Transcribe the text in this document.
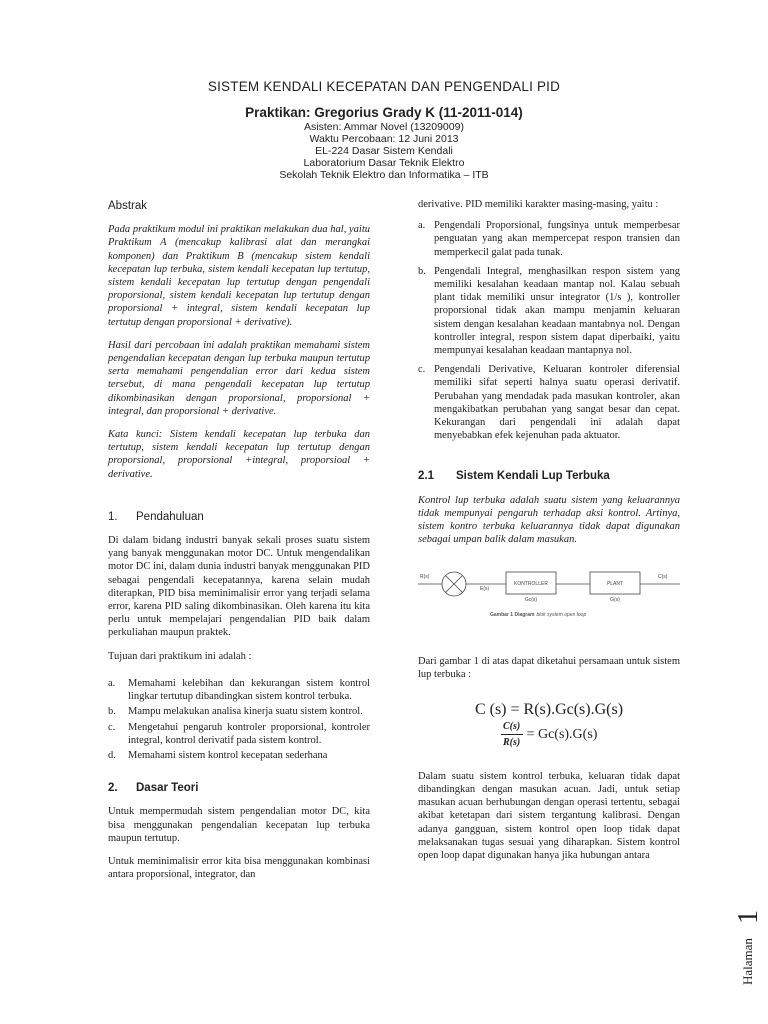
SISTEM KENDALI KECEPATAN DAN PENGENDALI PID
Praktikan: Gregorius Grady K (11-2011-014)
Asisten: Ammar Novel (13209009)
Waktu Percobaan: 12 Juni 2013
EL-224 Dasar Sistem Kendali
Laboratorium Dasar Teknik Elektro
Sekolah Teknik Elektro dan Informatika – ITB
Abstrak

Pada praktikum modul ini praktikan melakukan dua hal, yaitu Praktikum A (mencakup kalibrasi alat dan merangkai komponen) dan Praktikum B (mencakup sistem kendali kecepatan lup terbuka, sistem kendali kecepatan lup tertutup, sistem kendali kecepatan lup tertutup dengan pengendali proporsional, sistem kendali kecepatan lup tertutup dengan proporsional + integral, sistem kendali kecepatan lup tertutup dengan proporsional + derivative).

Hasil dari percobaan ini adalah praktikan memahami sistem pengendalian kecepatan dengan lup terbuka maupun tertutup serta memahami pengendalian error dari kedua sistem tersebut, di mana pengendali kecepatan lup tertutup dikombinasikan dengan proporsional, proporsional + integral, dan proporsional + derivative.

Kata kunci: Sistem kendali kecepatan lup terbuka dan tertutup, sistem kendali kecepatan lup tertutup dengan proporsional, proporsional +integral, proporsioal + derivative.

1. Pendahuluan

Di dalam bidang industri banyak sekali proses suatu sistem yang banyak menggunakan motor DC. Untuk mengendalikan motor DC ini, dalam dunia industri banyak menggunakan PID sebagai pengendali kecepatannya, karena selain mudah diterapkan, PID bisa meminimalisir error yang terjadi selama error, karena PID saling dikombinasikan. Oleh karena itu kita perlu untuk mempelajari pengendalian PID baik dalam perkuliahan maupun praktek.

Tujuan dari praktikum ini adalah :

a. Memahami kelebihan dan kekurangan sistem kontrol lingkar tertutup dibandingkan sistem kontrol terbuka.
b. Mampu melakukan analisa kinerja suatu sistem kontrol.
c. Mengetahui pengaruh kontroler proporsional, kontroler integral, kontrol derivatif pada sistem kontrol.
d. Memahami sistem kontrol kecepatan sederhana
2. Dasar Teori

Untuk mempermudah sistem pengendalian motor DC, kita bisa menggunakan pengendalian kecepatan lup terbuka maupun tertutup.

Untuk meminimalisir error kita bisa menggunakan kombinasi antara proporsional, integrator, dan

derivative. PID memiliki karakter masing-masing, yaitu :

a. Pengendali Proporsional, fungsinya untuk memperbesar penguatan yang akan mempercepat respon transien dan memperkecil galat pada tunak.
b. Pengendali Integral, menghasilkan respon sistem yang memiliki kesalahan keadaan mantap nol. Kalau sebuah plant tidak memiliki unsur integrator (1/s ), kontroller proporsional tidak akan mampu menjamin keluaran sistem dengan kesalahan keadaan mantabnya nol. Dengan kontroller integral, respon sistem dapat diperbaiki, yaitu mempunyai kesalahan keadaan mantapnya nol.
c. Pengendali Derivative, Keluaran kontroler diferensial memiliki sifat seperti halnya suatu operasi derivatif. Perubahan yang mendadak pada masukan kontroler, akan mengakibatkan perubahan yang sangat besar dan cepat. Kekurangan dari pengendali ini adalah dapat menyebabkan efek kejenuhan pada aktuator.
2.1 Sistem Kendali Lup Terbuka

Kontrol lup terbuka adalah suatu sistem yang keluarannya tidak mempunyai pengaruh terhadap aksi kontrol. Artinya, sistem kontro terbuka keluarannya tidak dapat digunakan sebagai umpan balik dalam masukan.

R(s)
E(s)
KONTROLLER
Gc(s)
PLANT
G(s)
C(s)
Gambar 1 Diagram blok system open loop

Dari gambar 1 di atas dapat diketahui persamaan untuk sistem lup terbuka :

C (s) = R(s).Gc(s).G(s)
$\frac{C(s)}{R(s)} = Gc(s).G(s)$

Dalam suatu sistem kontrol terbuka, keluaran tidak dapat dibandingkan dengan masukan acuan. Jadi, untuk setiap masukan acuan berhubungan dengan operasi tertentu, sebagai akibat ketetapan dari sistem tergantung kalibrasi. Dengan adanya gangguan, sistem kontrol open loop tidak dapat melaksanakan tugas sesuai yang diharapkan. Sistem kontrol open loop dapat digunakan hanya jika hubungan antara

Halaman
1
